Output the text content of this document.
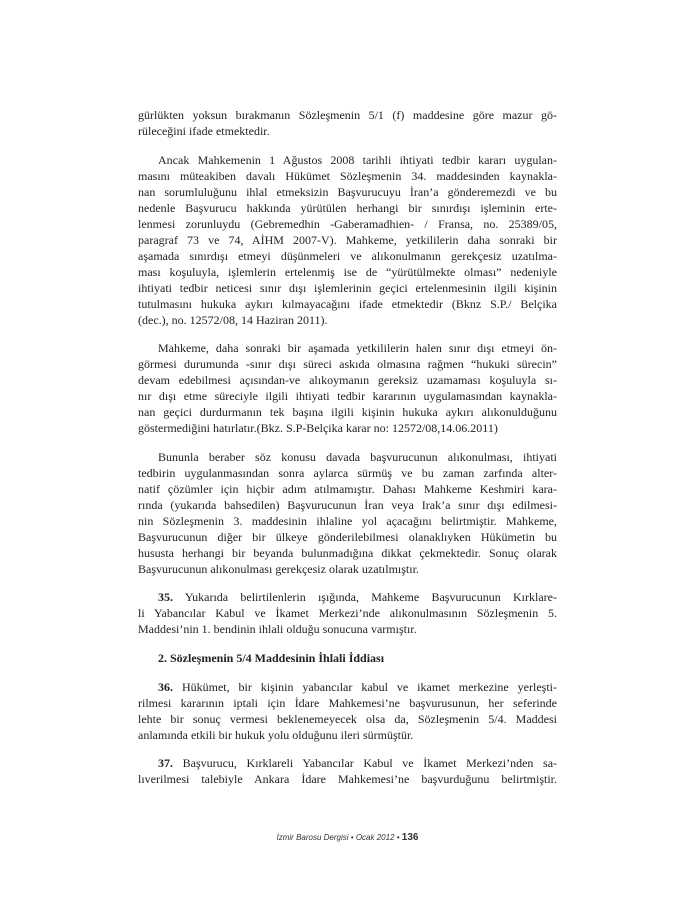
gürlükten yoksun bırakmanın Sözleşmenin 5/1 (f) maddesine göre mazur gö-
rüleceğini ifade etmektedir.
Ancak Mahkemenin 1 Ağustos 2008 tarihli ihtiyati tedbir kararı uygulan-
masını müteakiben davalı Hükümet Sözleşmenin 34. maddesinden kaynakla-
nan sorumluluğunu ihlal etmeksizin Başvurucuyu İran’a gönderemezdi ve bu
nedenle Başvurucu hakkında yürütülen herhangi bir sınırdışı işleminin erte-
lenmesi zorunluydu (Gebremedhin -Gaberamadhien- / Fransa, no. 25389/05,
paragraf 73 ve 74, AİHM 2007-V). Mahkeme, yetkililerin daha sonraki bir
aşamada sınırdışı etmeyi düşünmeleri ve alıkonulmanın gerekçesiz uzatılma-
ması koşuluyla, işlemlerin ertelenmiş ise de “yürütülmekte olması” nedeniyle
ihtiyati tedbir neticesi sınır dışı işlemlerinin geçici ertelenmesinin ilgili kişinin
tutulmasını hukuka aykırı kılmayacağını ifade etmektedir (Bknz S.P./ Belçika
(dec.), no. 12572/08, 14 Haziran 2011).
Mahkeme, daha sonraki bir aşamada yetkililerin halen sınır dışı etmeyi ön-
görmesi durumunda -sınır dışı süreci askıda olmasına rağmen “hukuki sürecin”
devam edebilmesi açısından-ve alıkoymanın gereksiz uzamaması koşuluyla sı-
nır dışı etme süreciyle ilgili ihtiyati tedbir kararının uygulamasından kaynakla-
nan geçici durdurmanın tek başına ilgili kişinin hukuka aykırı alıkonulduğunu
göstermediğini hatırlatır.(Bkz. S.P-Belçika karar no: 12572/08,14.06.2011)
Bununla beraber söz konusu davada başvurucunun alıkonulması, ihtiyati
tedbirin uygulanmasından sonra aylarca sürmüş ve bu zaman zarfında alter-
natif çözümler için hiçbir adım atılmamıştır. Dahası Mahkeme Keshmiri kara-
rında (yukarıda bahsedilen) Başvurucunun İran veya Irak’a sınır dışı edilmesi-
nin Sözleşmenin 3. maddesinin ihlaline yol açacağını belirtmiştir. Mahkeme,
Başvurucunun diğer bir ülkeye gönderilebilmesi olanaklıyken Hükümetin bu
hususta herhangi bir beyanda bulunmadığına dikkat çekmektedir. Sonuç olarak
Başvurucunun alıkonulması gerekçesiz olarak uzatılmıştır.
35. Yukarıda belirtilenlerin ışığında, Mahkeme Başvurucunun Kırklare-
li Yabancılar Kabul ve İkamet Merkezi’nde alıkonulmasının Sözleşmenin 5.
Maddesi’nin 1. bendinin ihlali olduğu sonucuna varmıştır.
2. Sözleşmenin 5/4 Maddesinin İhlali İddiası
36. Hükümet, bir kişinin yabancılar kabul ve ikamet merkezine yerleşti-
rilmesi kararının iptali için İdare Mahkemesi’ne başvurusunun, her seferinde
lehte bir sonuç vermesi beklenemeyecek olsa da, Sözleşmenin 5/4. Maddesi
anlamında etkili bir hukuk yolu olduğunu ileri sürmüştür.
37. Başvurucu, Kırklareli Yabancılar Kabul ve İkamet Merkezi’nden sa-
lıverilmesi talebiyle Ankara İdare Mahkemesi’ne başvurduğunu belirtmiştir.
İzmir Barosu Dergisi • Ocak 2012 • 136
